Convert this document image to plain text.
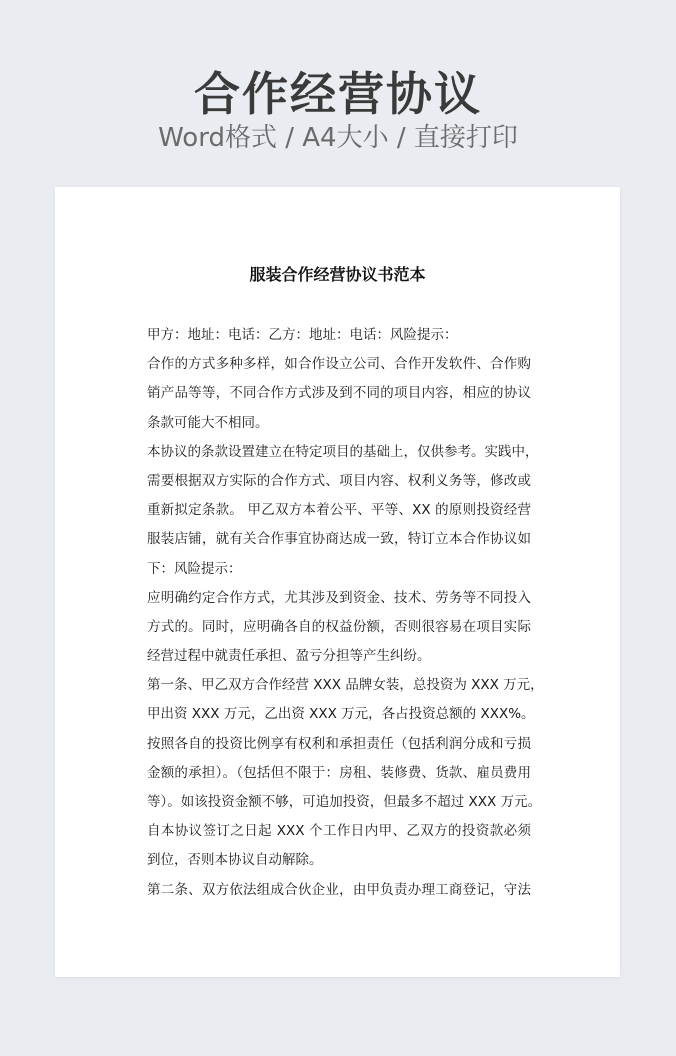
合作经营协议
Word格式 / A4大小 / 直接打印
服装合作经营协议书范本
甲方：地址：电话：乙方：地址：电话：风险提示：
合作的方式多种多样，如合作设立公司、合作开发软件、合作购
销产品等等，不同合作方式涉及到不同的项目内容，相应的协议
条款可能大不相同。
本协议的条款设置建立在特定项目的基础上，仅供参考。实践中，
需要根据双方实际的合作方式、项目内容、权利义务等，修改或
重新拟定条款。 甲乙双方本着公平、平等、XX 的原则投资经营
服装店铺，就有关合作事宜协商达成一致，特订立本合作协议如
下：风险提示：
应明确约定合作方式，尤其涉及到资金、技术、劳务等不同投入
方式的。同时，应明确各自的权益份额，否则很容易在项目实际
经营过程中就责任承担、盈亏分担等产生纠纷。
第一条、甲乙双方合作经营 XXX 品牌女装，总投资为 XXX 万元，
甲出资 XXX 万元，乙出资 XXX 万元，各占投资总额的 XXX%。
按照各自的投资比例享有权利和承担责任（包括利润分成和亏损
金额的承担）。（包括但不限于：房租、装修费、货款、雇员费用
等）。如该投资金额不够，可追加投资，但最多不超过 XXX 万元。
自本协议签订之日起 XXX 个工作日内甲、乙双方的投资款必须
到位，否则本协议自动解除。
第二条、双方依法组成合伙企业，由甲负责办理工商登记，守法
